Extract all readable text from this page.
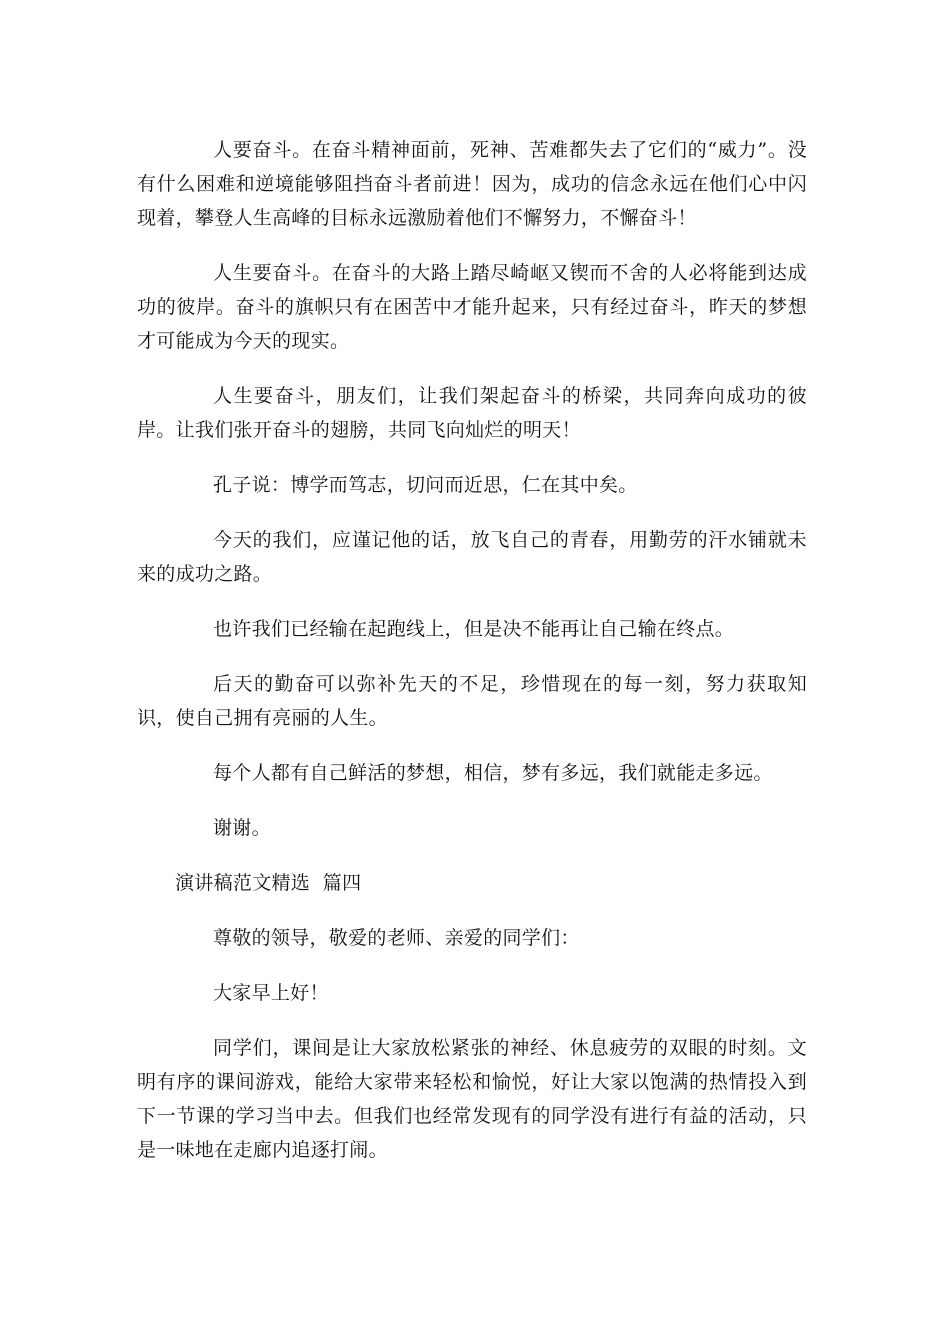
人要奋斗。在奋斗精神面前，死神、苦难都失去了它们的“威力”。没有什么困难和逆境能够阻挡奋斗者前进！因为，成功的信念永远在他们心中闪现着，攀登人生高峰的目标永远激励着他们不懈努力，不懈奋斗！

人生要奋斗。在奋斗的大路上踏尽崎岖又锲而不舍的人必将能到达成功的彼岸。奋斗的旗帜只有在困苦中才能升起来，只有经过奋斗，昨天的梦想才可能成为今天的现实。

人生要奋斗，朋友们，让我们架起奋斗的桥梁，共同奔向成功的彼岸。让我们张开奋斗的翅膀，共同飞向灿烂的明天！

孔子说：博学而笃志，切问而近思，仁在其中矣。

今天的我们，应谨记他的话，放飞自己的青春，用勤劳的汗水铺就未来的成功之路。

也许我们已经输在起跑线上，但是决不能再让自己输在终点。

后天的勤奋可以弥补先天的不足，珍惜现在的每一刻，努力获取知识，使自己拥有亮丽的人生。

每个人都有自己鲜活的梦想，相信，梦有多远，我们就能走多远。

谢谢。

演讲稿范文精选  篇四

尊敬的领导，敬爱的老师、亲爱的同学们：

大家早上好！

同学们，课间是让大家放松紧张的神经、休息疲劳的双眼的时刻。文明有序的课间游戏，能给大家带来轻松和愉悦，好让大家以饱满的热情投入到下一节课的学习当中去。但我们也经常发现有的同学没有进行有益的活动，只是一味地在走廊内追逐打闹。
